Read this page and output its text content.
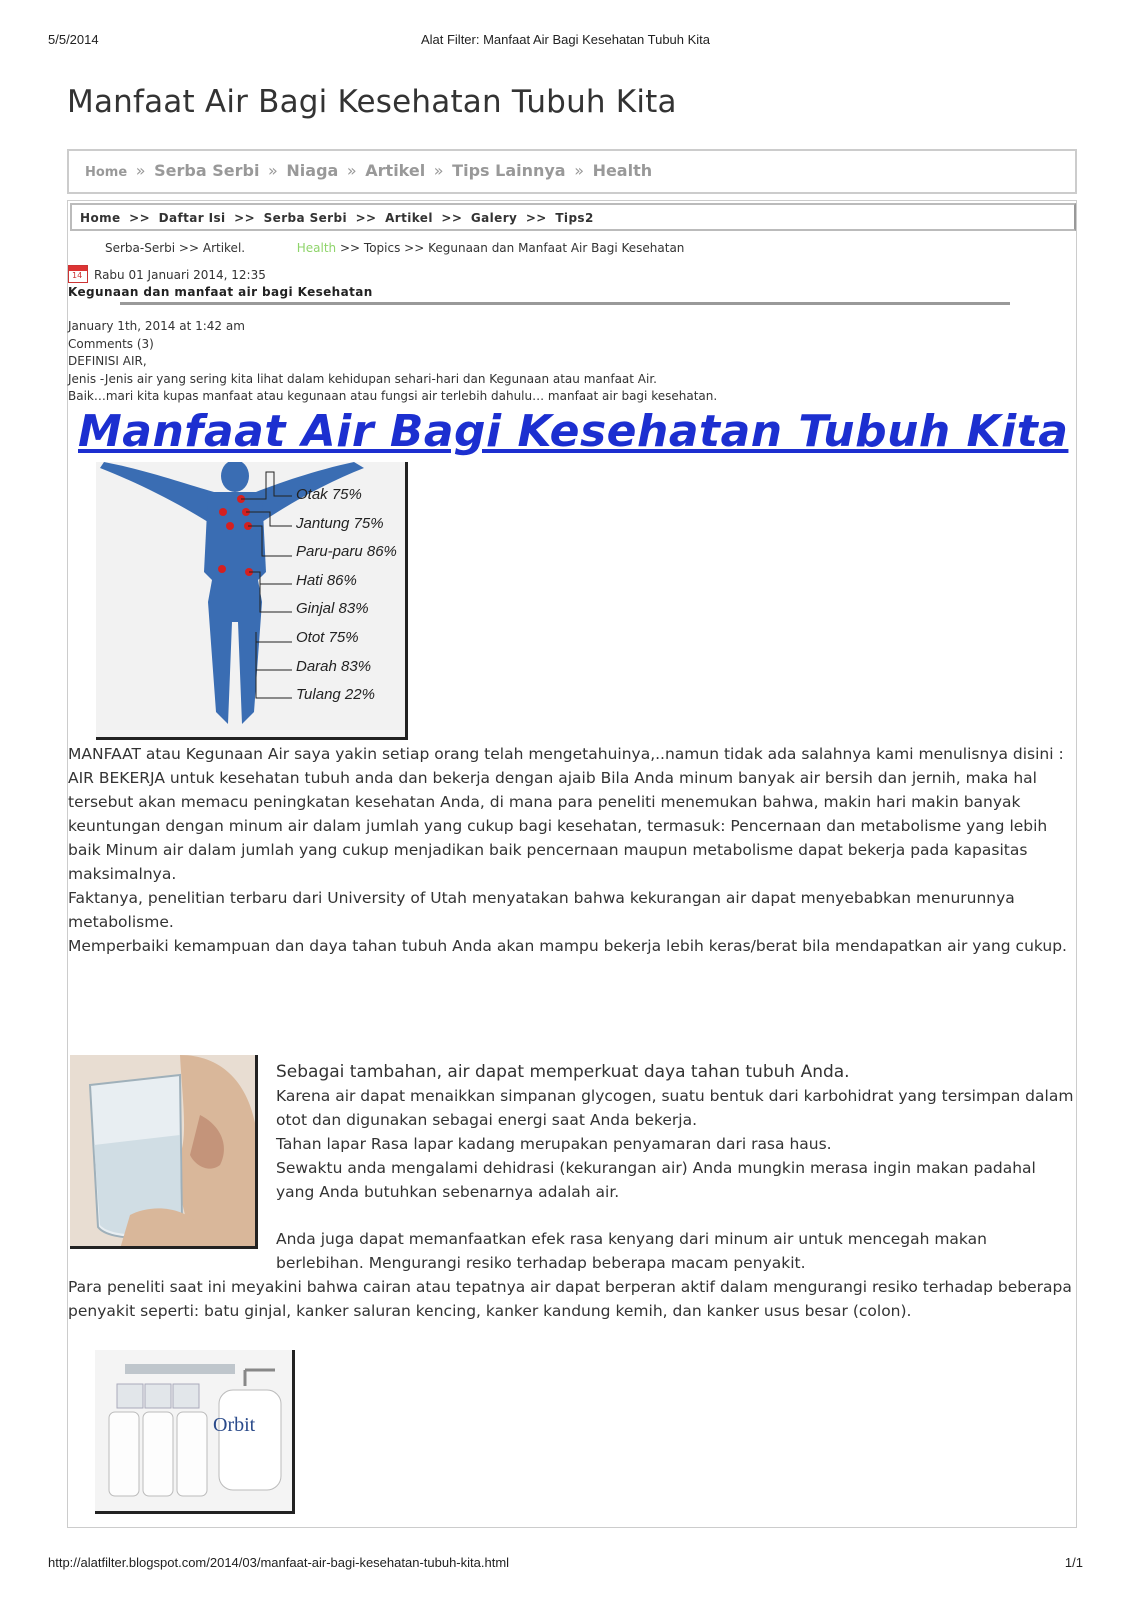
5/5/2014	Alat Filter: Manfaat Air Bagi Kesehatan Tubuh Kita
Manfaat Air Bagi Kesehatan Tubuh Kita
Home » Serba Serbi » Niaga » Artikel » Tips Lainnya » Health
Home >> Daftar Isi >> Serba Serbi >> Artikel >> Galery >> Tips2
Serba-Serbi >> Artikel.	Health >> Topics >> Kegunaan dan Manfaat Air Bagi Kesehatan
14Rabu 01 Januari 2014, 12:35
Kegunaan dan manfaat air bagi Kesehatan
January 1th, 2014 at 1:42 am
Comments (3)
DEFINISI AIR,
Jenis -Jenis air yang sering kita lihat dalam kehidupan sehari-hari dan Kegunaan atau manfaat Air.
Baik…mari kita kupas manfaat atau kegunaan atau fungsi air terlebih dahulu… manfaat air bagi kesehatan.
Otak 75%
Jantung 75%
Paru-paru 86%
Hati 86%
Ginjal 83%
Otot 75%
Darah 83%
Tulang 22%
Manfaat Air Bagi Kesehatan Tubuh Kita
MANFAAT atau Kegunaan Air saya yakin setiap orang telah mengetahuinya,..namun tidak ada salahnya kami menulisnya disini :
AIR BEKERJA untuk kesehatan tubuh anda dan bekerja dengan ajaib Bila Anda minum banyak air bersih dan jernih, maka hal tersebut akan memacu peningkatan kesehatan Anda, di mana para peneliti menemukan bahwa, makin hari makin banyak keuntungan dengan minum air dalam jumlah yang cukup bagi kesehatan, termasuk: Pencernaan dan metabolisme yang lebih baik Minum air dalam jumlah yang cukup menjadikan baik pencernaan maupun metabolisme dapat bekerja pada kapasitas maksimalnya.
Faktanya, penelitian terbaru dari University of Utah menyatakan bahwa kekurangan air dapat menyebabkan menurunnya metabolisme.
Memperbaiki kemampuan dan daya tahan tubuh Anda akan mampu bekerja lebih keras/berat bila mendapatkan air yang cukup.
Sebagai tambahan, air dapat memperkuat daya tahan tubuh Anda.
Karena air dapat menaikkan simpanan glycogen, suatu bentuk dari karbohidrat yang tersimpan dalam otot dan digunakan sebagai energi saat Anda bekerja.
Tahan lapar Rasa lapar kadang merupakan penyamaran dari rasa haus.
Sewaktu anda mengalami dehidrasi (kekurangan air) Anda mungkin merasa ingin makan padahal yang Anda butuhkan sebenarnya adalah air.
Anda juga dapat memanfaatkan efek rasa kenyang dari minum air untuk mencegah makan berlebihan. Mengurangi resiko terhadap beberapa macam penyakit.
Para peneliti saat ini meyakini bahwa cairan atau tepatnya air dapat berperan aktif dalam mengurangi resiko terhadap beberapa penyakit seperti: batu ginjal, kanker saluran kencing, kanker kandung kemih, dan kanker usus besar (colon).
Orbit
http://alatfilter.blogspot.com/2014/03/manfaat-air-bagi-kesehatan-tubuh-kita.html	1/1
